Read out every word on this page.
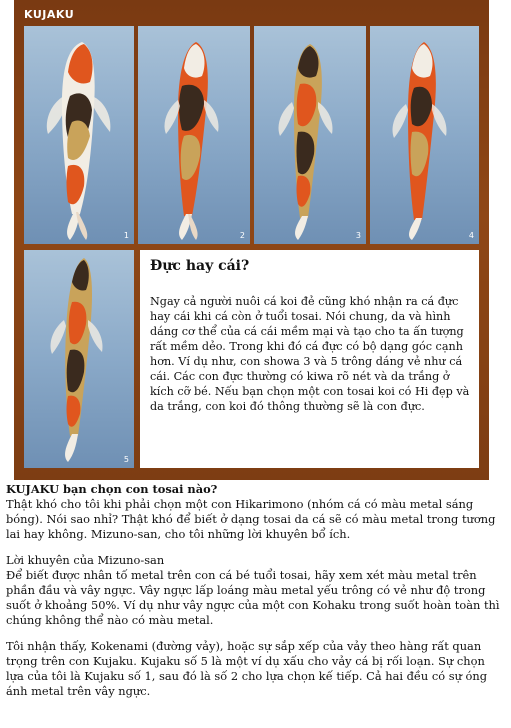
KUJAKU
1	2	3	4
5
Đực hay cái?

Ngay cả người nuôi cá koi đẻ cũng khó nhận ra cá đực hay cái khi cá còn ở tuổi tosai. Nói chung, da và hình dáng cơ thể của cá cái mềm mại và tạo cho ta ấn tượng rất mềm dẻo. Trong khi đó cá đực có bộ dạng góc cạnh hơn. Ví dụ như, con showa 3 và 5 trông dáng vẻ như cá cái. Các con đực thường có kiwa rõ nét và da trắng ở kích cỡ bé. Nếu bạn chọn một con tosai koi có Hi đẹp và da trắng, con koi đó thông thường sẽ là con đực.

KUJAKU bạn chọn con tosai nào?

Thật khó cho tôi khi phải chọn một con Hikarimono (nhóm cá có màu metal sáng bóng). Nói sao nhỉ? Thật khó để biết ở dạng tosai da cá sẽ có màu metal trong tương lai hay không. Mizuno-san, cho tôi những lời khuyên bổ ích.

Lời khuyên của Mizuno-san

Để biết được nhân tố metal trên con cá bé tuổi tosai, hãy xem xét màu metal trên phần đầu và vây ngực. Vây ngực lấp loáng màu metal yếu trông có vẻ như độ trong suốt ở khoảng 50%. Ví dụ như vây ngực của một con Kohaku trong suốt hoàn toàn thì chúng không thể nào có màu metal.

Tôi nhận thấy, Kokenami (đường vảy), hoặc sự sắp xếp của vảy theo hàng rất quan trọng trên con Kujaku. Kujaku số 5 là một ví dụ xấu cho vảy cá bị rối loạn. Sự chọn lựa của tôi là Kujaku số 1, sau đó là số 2 cho lựa chọn kế tiếp. Cả hai đều có sự óng ánh metal trên vây ngực.
